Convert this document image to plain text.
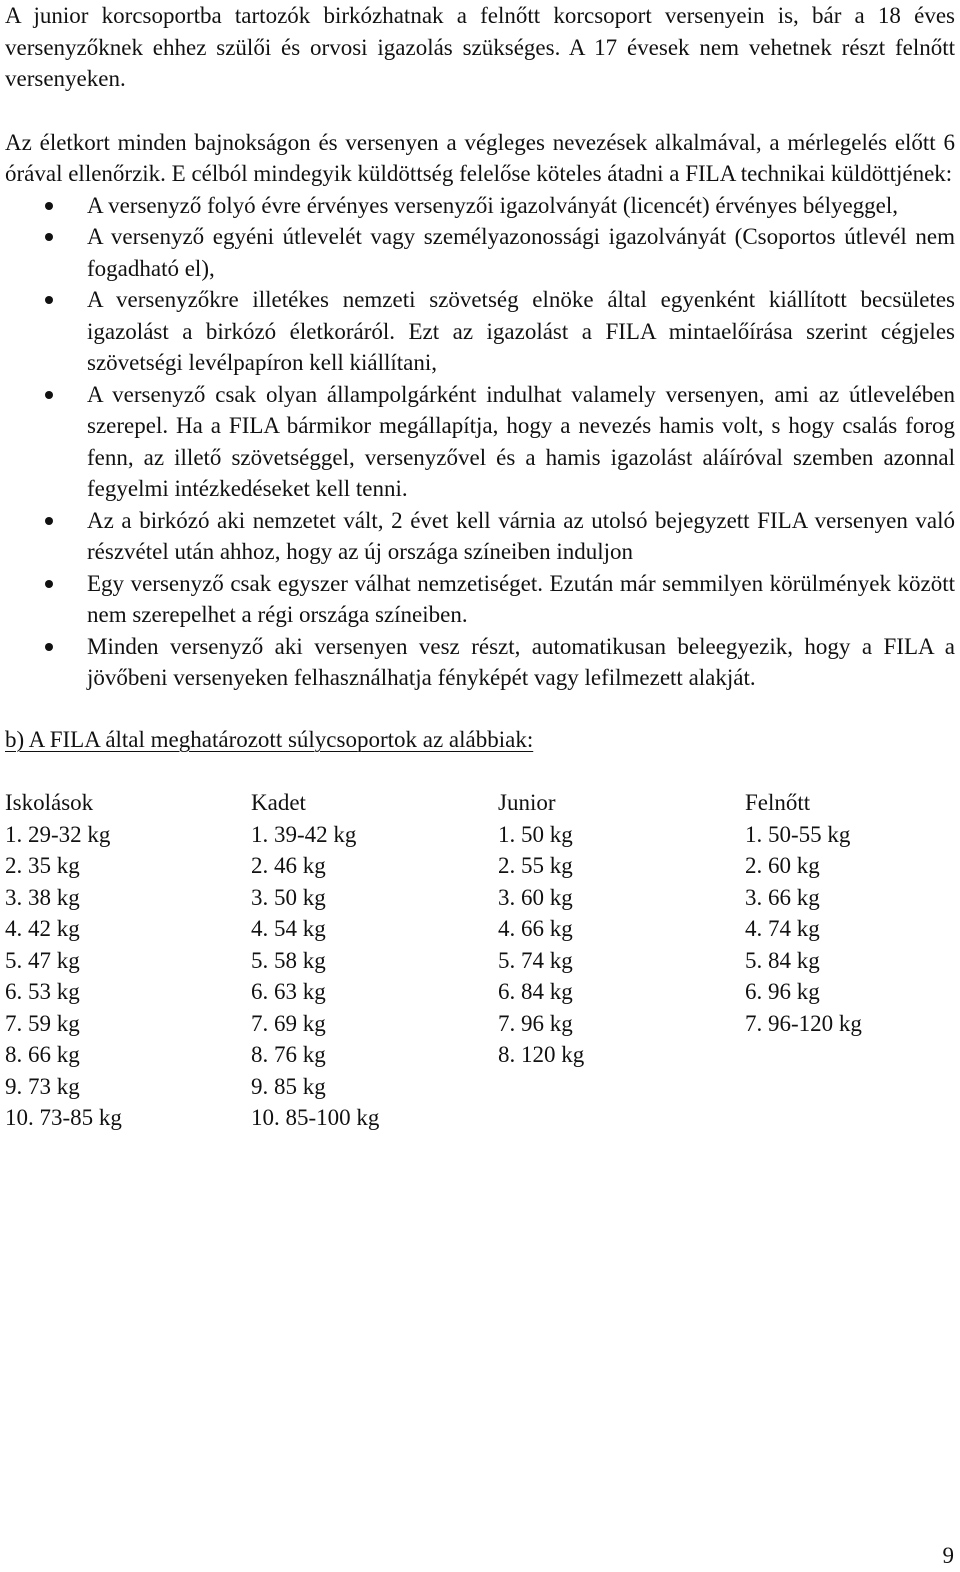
A junior korcsoportba tartozók birkózhatnak a felnőtt korcsoport versenyein is, bár a 18 éves versenyzőknek ehhez szülői és orvosi igazolás szükséges. A 17 évesek nem vehetnek részt felnőtt versenyeken.

Az életkort minden bajnokságon és versenyen a végleges nevezések alkalmával, a mérlegelés előtt 6 órával ellenőrzik. E célból mindegyik küldöttség felelőse köteles átadni a FILA technikai küldöttjének:

A versenyző folyó évre érvényes versenyzői igazolványát (licencét) érvényes bélyeggel,
A versenyző egyéni útlevelét vagy személyazonossági igazolványát (Csoportos útlevél nem fogadható el),
A versenyzőkre illetékes nemzeti szövetség elnöke által egyenként kiállított becsületes igazolást a birkózó életkoráról. Ezt az igazolást a FILA mintaelőírása szerint cégjeles szövetségi levélpapíron kell kiállítani,
A versenyző csak olyan állampolgárként indulhat valamely versenyen, ami az útlevelében szerepel. Ha a FILA bármikor megállapítja, hogy a nevezés hamis volt, s hogy csalás forog fenn, az illető szövetséggel, versenyzővel és a hamis igazolást aláíróval szemben azonnal fegyelmi intézkedéseket kell tenni.
Az a birkózó aki nemzetet vált, 2 évet kell várnia az utolsó bejegyzett FILA versenyen való részvétel után ahhoz, hogy az új országa színeiben induljon
Egy versenyző csak egyszer válhat nemzetiséget. Ezután már semmilyen körülmények között nem szerepelhet a régi országa színeiben.
Minden versenyző aki versenyen vesz részt, automatikusan beleegyezik, hogy a FILA a jövőbeni versenyeken felhasználhatja fényképét vagy lefilmezett alakját.
b) A FILA által meghatározott súlycsoportok az alábbiak:
Iskolások
1. 29-32 kg
2. 35 kg
3. 38 kg
4. 42 kg
5. 47 kg
6. 53 kg
7. 59 kg
8. 66 kg
9. 73 kg
10. 73-85 kg
Kadet
1. 39-42 kg
2. 46 kg
3. 50 kg
4. 54 kg
5. 58 kg
6. 63 kg
7. 69 kg
8. 76 kg
9. 85 kg
10. 85-100 kg
Junior
1. 50 kg
2. 55 kg
3. 60 kg
4. 66 kg
5. 74 kg
6. 84 kg
7. 96 kg
8. 120 kg
Felnőtt
1. 50-55 kg
2. 60 kg
3. 66 kg
4. 74 kg
5. 84 kg
6. 96 kg
7. 96-120 kg
9
